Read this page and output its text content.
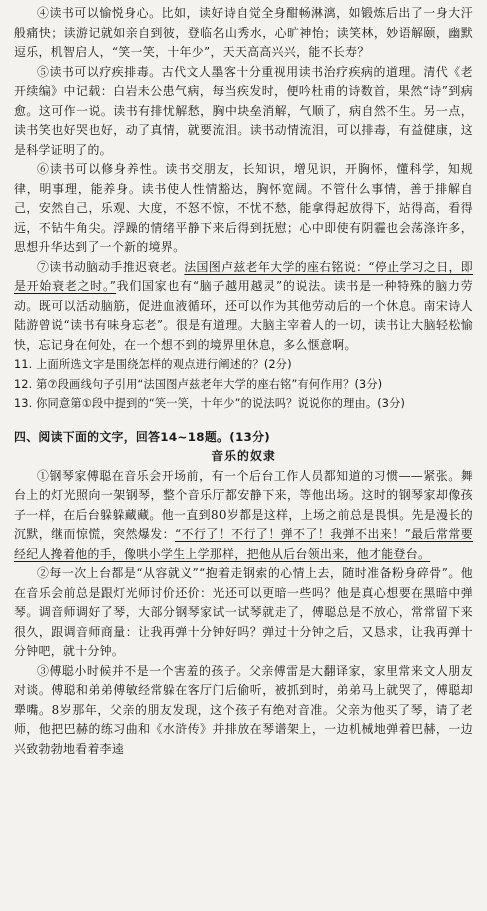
④读书可以愉悦身心。比如，读好诗自觉全身酣畅淋漓，如锻炼后出了一身大汗般痛快；读游记就如亲自到彼，登临名山秀水，心旷神怡；读笑林，妙语解颐，幽默逗乐，机智启人，“笑一笑，十年少”，天天高高兴兴，能不长寿？

⑤读书可以疗疾排毒。古代文人墨客十分重视用读书治疗疾病的道理。清代《老开续编》中记载：白岩未公患气病，每当疾发时，便吟杜甫的诗数首，果然“诗”到病愈。这可作一说。读书有排忧解愁，胸中块垒消解，气顺了，病自然不生。另一点，读书笑也好哭也好，动了真情，就要流泪。读书动情流泪，可以排毒，有益健康，这是科学证明了的。

⑥读书可以修身养性。读书交朋友，长知识，增见识，开胸怀，懂科学，知规律，明事理，能养身。读书使人性情豁达，胸怀宽阔。不管什么事情，善于排解自己，安然自己，乐观、大度，不怒不惊，不忧不愁，能拿得起放得下，站得高，看得远，不钻牛角尖。浮躁的情绪平静下来后得到抚慰；心中即使有阴霾也会荡涤许多，思想升华达到了一个新的境界。

⑦读书动脑动手推迟衰老。法国图卢兹老年大学的座右铭说：“停止学习之日，即是开始衰老之时。”我们国家也有“脑子越用越灵”的说法。读书是一种特殊的脑力劳动。既可以活动脑筋，促进血液循环，还可以作为其他劳动后的一个休息。南宋诗人陆游曾说“读书有味身忘老”。很是有道理。大脑主宰着人的一切，读书让大脑轻松愉快，忘记身在何处，在一个想不到的境界里休息，多么惬意啊。

11. 上面所选文字是围绕怎样的观点进行阐述的？(2分)

12. 第⑦段画线句子引用“法国图卢兹老年大学的座右铭”有何作用？(3分)

13. 你同意第①段中提到的“笑一笑，十年少”的说法吗？说说你的理由。(3分)

四、阅读下面的文字，回答14~18题。(13分)

音乐的奴隶

①钢琴家傅聪在音乐会开场前，有一个后台工作人员都知道的习惯——紧张。舞台上的灯光照向一架钢琴，整个音乐厅都安静下来，等他出场。这时的钢琴家却像孩子一样，在后台躲躲藏藏。他一直到80岁都是这样，上场之前总是畏惧。先是漫长的沉默，继而惊慌，突然爆发：“不行了！不行了！弹不了！我弹不出来！”最后常常要经纪人搀着他的手，像哄小学生上学那样，把他从后台领出来，他才能登台。

②每一次上台都是“从容就义”“抱着走钢索的心情上去，随时准备粉身碎骨”。他在音乐会前总是跟灯光师讨价还价：光还可以更暗一些吗？他是真心想要在黑暗中弹琴。调音师调好了琴，大部分钢琴家试一试琴就走了，傅聪总是不放心，常常留下来很久，跟调音师商量：让我再弹十分钟好吗？弹过十分钟之后，又恳求，让我再弹十分钟吧，就十分钟。

③傅聪小时候并不是一个害羞的孩子。父亲傅雷是大翻译家，家里常来文人朋友对谈。傅聪和弟弟傅敏经常躲在客厅门后偷听，被抓到时，弟弟马上就哭了，傅聪却犟嘴。8岁那年，父亲的朋友发现，这个孩子有绝对音准。父亲为他买了琴，请了老师，他把巴赫的练习曲和《水浒传》并排放在琴谱架上，一边机械地弹着巴赫，一边兴致勃勃地看着李逵
